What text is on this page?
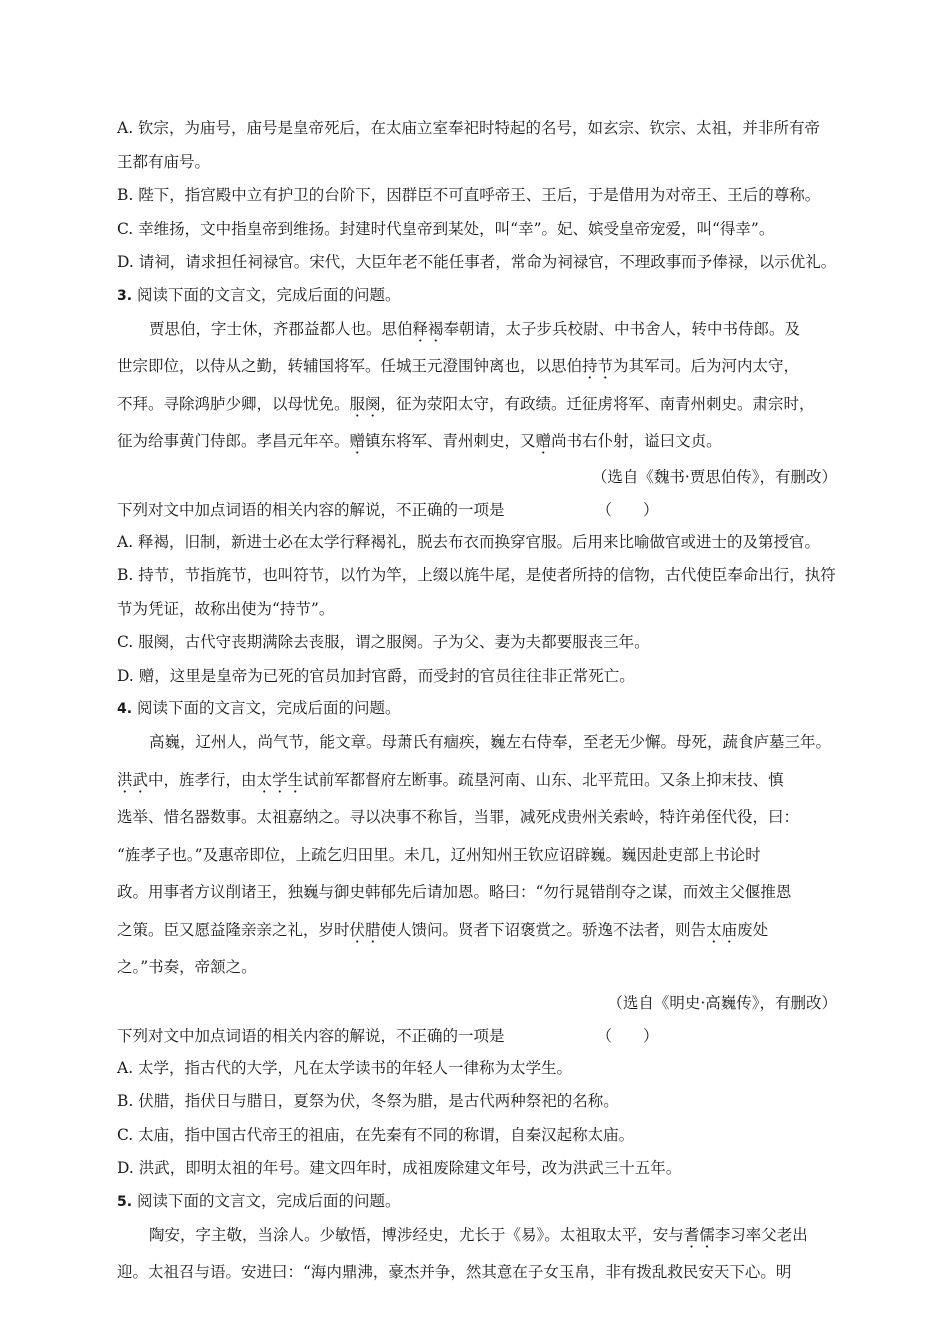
A. 钦宗，为庙号，庙号是皇帝死后，在太庙立室奉祀时特起的名号，如玄宗、钦宗、太祖，并非所有帝
王都有庙号。
B. 陛下，指宫殿中立有护卫的台阶下，因群臣不可直呼帝王、王后，于是借用为对帝王、王后的尊称。
C. 幸维扬，文中指皇帝到维扬。封建时代皇帝到某处，叫“幸”。妃、嫔受皇帝宠爱，叫“得幸”。
D. 请祠，请求担任祠禄官。宋代，大臣年老不能任事者，常命为祠禄官，不理政事而予俸禄，以示优礼。
3. 阅读下面的文言文，完成后面的问题。
贾思伯，字士休，齐郡益都人也。思伯释褐奉朝请，太子步兵校尉、中书舍人，转中书侍郎。及
世宗即位，以侍从之勤，转辅国将军。任城王元澄围钟离也，以思伯持节为其军司。后为河内太守，
不拜。寻除鸿胪少卿，以母忧免。服阕，征为荥阳太守，有政绩。迁征虏将军、南青州刺史。肃宗时，
征为给事黄门侍郎。孝昌元年卒。赠镇东将军、青州刺史，又赠尚书右仆射，谥曰文贞。
（选自《魏书·贾思伯传》，有删改）
下列对文中加点词语的相关内容的解说，不正确的一项是	（　　）
A. 释褐，旧制，新进士必在太学行释褐礼，脱去布衣而换穿官服。后用来比喻做官或进士的及第授官。
B. 持节，节指旄节，也叫符节，以竹为竿，上缀以旄牛尾，是使者所持的信物，古代使臣奉命出行，执符
节为凭证，故称出使为“持节”。
C. 服阕，古代守丧期满除去丧服，谓之服阕。子为父、妻为夫都要服丧三年。
D. 赠，这里是皇帝为已死的官员加封官爵，而受封的官员往往非正常死亡。
4. 阅读下面的文言文，完成后面的问题。
高巍，辽州人，尚气节，能文章。母萧氏有痼疾，巍左右侍奉，至老无少懈。母死，蔬食庐墓三年。
洪武中，旌孝行，由太学生试前军都督府左断事。疏垦河南、山东、北平荒田。又条上抑末技、慎
选举、惜名器数事。太祖嘉纳之。寻以决事不称旨，当罪，减死戍贵州关索岭，特许弟侄代役，曰：
“旌孝子也。”及惠帝即位，上疏乞归田里。未几，辽州知州王钦应诏辟巍。巍因赴吏部上书论时
政。用事者方议削诸王，独巍与御史韩郁先后请加恩。略曰：“勿行晁错削夺之谋，而效主父偃推恩
之策。臣又愿益隆亲亲之礼，岁时伏腊使人馈问。贤者下诏褒赏之。骄逸不法者，则告太庙废处
之。”书奏，帝颔之。
（选自《明史·高巍传》，有删改）
下列对文中加点词语的相关内容的解说，不正确的一项是	（　　）
A. 太学，指古代的大学，凡在太学读书的年轻人一律称为太学生。
B. 伏腊，指伏日与腊日，夏祭为伏，冬祭为腊，是古代两种祭祀的名称。
C. 太庙，指中国古代帝王的祖庙，在先秦有不同的称谓，自秦汉起称太庙。
D. 洪武，即明太祖的年号。建文四年时，成祖废除建文年号，改为洪武三十五年。
5. 阅读下面的文言文，完成后面的问题。
陶安，字主敬，当涂人。少敏悟，博涉经史，尤长于《易》。太祖取太平，安与耆儒李习率父老出
迎。太祖召与语。安进曰：“海内鼎沸，豪杰并争，然其意在子女玉帛，非有拨乱救民安天下心。明
